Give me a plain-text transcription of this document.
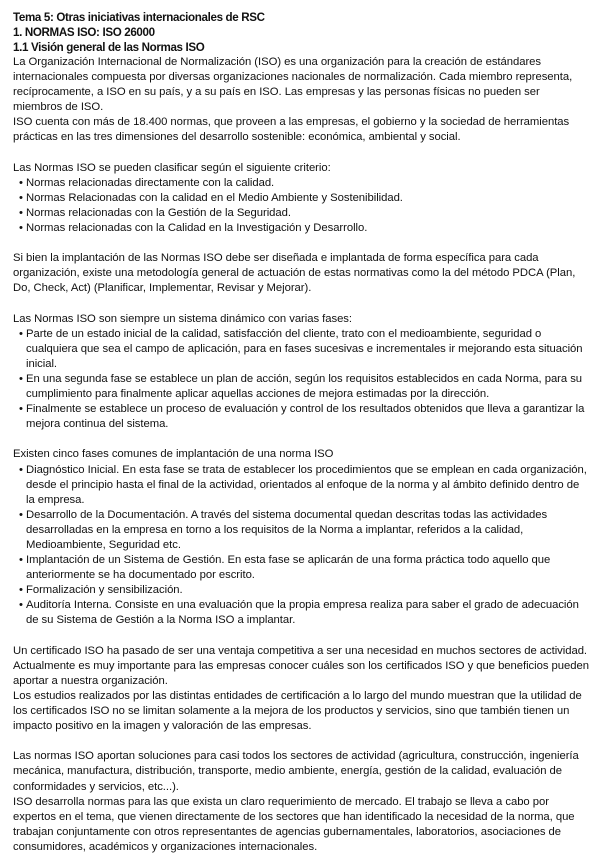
Tema 5: Otras iniciativas internacionales de RSC
1. NORMAS ISO: ISO 26000
1.1 Visión general de las Normas ISO

La Organización Internacional de Normalización (ISO) es una organización para la creación de estándares internacionales compuesta por diversas organizaciones nacionales de normalización. Cada miembro representa, recíprocamente, a ISO en su país, y a su país en ISO. Las empresas y las personas físicas no pueden ser miembros de ISO.

ISO cuenta con más de 18.400 normas, que proveen a las empresas, el gobierno y la sociedad de herramientas prácticas en las tres dimensiones del desarrollo sostenible: económica, ambiental y social.

Las Normas ISO se pueden clasificar según el siguiente criterio:

• Normas relacionadas directamente con la calidad.
• Normas Relacionadas con la calidad en el Medio Ambiente y Sostenibilidad.
• Normas relacionadas con la Gestión de la Seguridad.
• Normas relacionadas con la Calidad en la Investigación y Desarrollo.

Si bien la implantación de las Normas ISO debe ser diseñada e implantada de forma específica para cada organización, existe una metodología general de actuación de estas normativas como la del método PDCA (Plan, Do, Check, Act) (Planificar, Implementar, Revisar y Mejorar).

Las Normas ISO son siempre un sistema dinámico con varias fases:

• Parte de un estado inicial de la calidad, satisfacción del cliente, trato con el medioambiente, seguridad o cualquiera que sea el campo de aplicación, para en fases sucesivas e incrementales ir mejorando esta situación inicial.
• En una segunda fase se establece un plan de acción, según los requisitos establecidos en cada Norma, para su cumplimiento para finalmente aplicar aquellas acciones de mejora estimadas por la dirección.
• Finalmente se establece un proceso de evaluación y control de los resultados obtenidos que lleva a garantizar la mejora continua del sistema.

Existen cinco fases comunes de implantación de una norma ISO

• Diagnóstico Inicial. En esta fase se trata de establecer los procedimientos que se emplean en cada organización, desde el principio hasta el final de la actividad, orientados al enfoque de la norma y al ámbito definido dentro de la empresa.
• Desarrollo de la Documentación. A través del sistema documental quedan descritas todas las actividades desarrolladas en la empresa en torno a los requisitos de la Norma a implantar, referidos a la calidad, Medioambiente, Seguridad etc.
• Implantación de un Sistema de Gestión. En esta fase se aplicarán de una forma práctica todo aquello que anteriormente se ha documentado por escrito.
• Formalización y sensibilización.
• Auditoría Interna. Consiste en una evaluación que la propia empresa realiza para saber el grado de adecuación de su Sistema de Gestión a la Norma ISO a implantar.

Un certificado ISO ha pasado de ser una ventaja competitiva a ser una necesidad en muchos sectores de actividad. Actualmente es muy importante para las empresas conocer cuáles son los certificados ISO y que beneficios pueden aportar a nuestra organización.

Los estudios realizados por las distintas entidades de certificación a lo largo del mundo muestran que la utilidad de los certificados ISO no se limitan solamente a la mejora de los productos y servicios, sino que también tienen un impacto positivo en la imagen y valoración de las empresas.

Las normas ISO aportan soluciones para casi todos los sectores de actividad (agricultura, construcción, ingeniería mecánica, manufactura, distribución, transporte, medio ambiente, energía, gestión de la calidad, evaluación de conformidades y servicios, etc...).

ISO desarrolla normas para las que exista un claro requerimiento de mercado. El trabajo se lleva a cabo por expertos en el tema, que vienen directamente de los sectores que han identificado la necesidad de la norma, que trabajan conjuntamente con otros representantes de agencias gubernamentales, laboratorios, asociaciones de consumidores, académicos y organizaciones internacionales.
